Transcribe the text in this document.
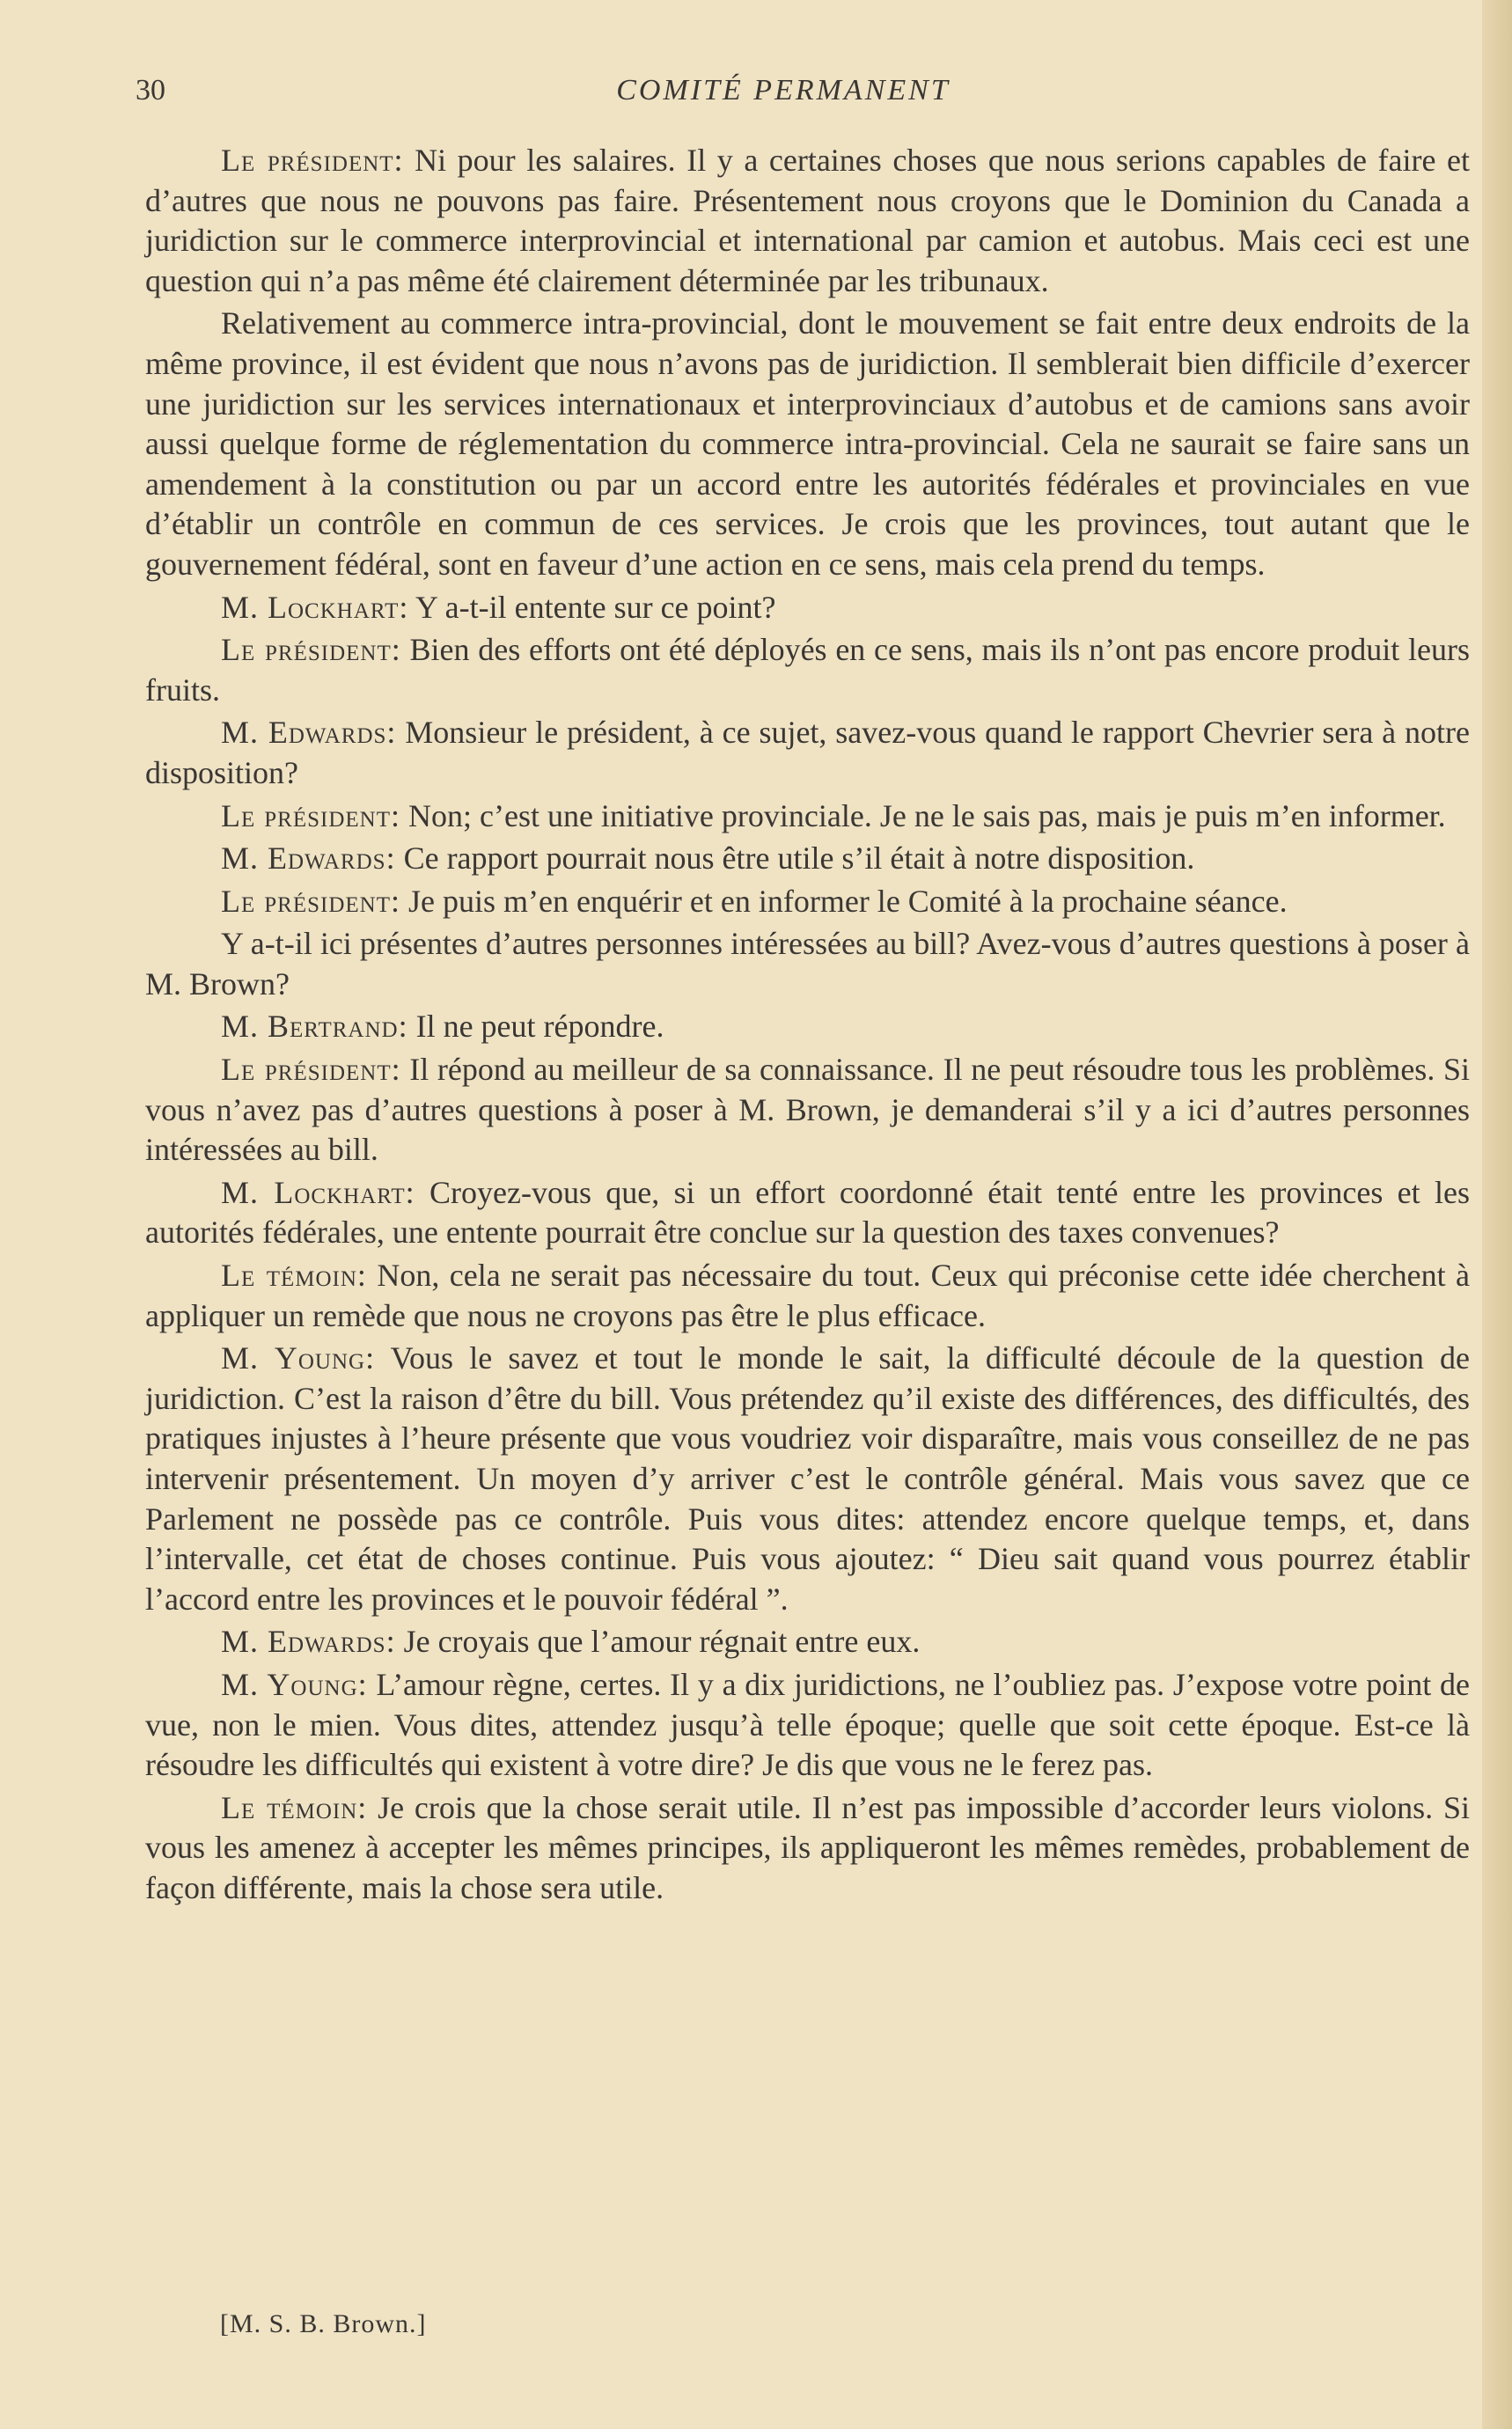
30	COMITÉ PERMANENT

Le président: Ni pour les salaires. Il y a certaines choses que nous serions capables de faire et d’autres que nous ne pouvons pas faire. Présentement nous croyons que le Dominion du Canada a juridiction sur le commerce interprovincial et international par camion et autobus. Mais ceci est une question qui n’a pas même été clairement déterminée par les tribunaux.

Relativement au commerce intra-provincial, dont le mouvement se fait entre deux endroits de la même province, il est évident que nous n’avons pas de juridiction. Il semblerait bien difficile d’exercer une juridiction sur les services internationaux et interprovinciaux d’autobus et de camions sans avoir aussi quelque forme de réglementation du commerce intra-provincial. Cela ne saurait se faire sans un amendement à la constitution ou par un accord entre les autorités fédérales et provinciales en vue d’établir un contrôle en commun de ces services. Je crois que les provinces, tout autant que le gouvernement fédéral, sont en faveur d’une action en ce sens, mais cela prend du temps.

M. Lockhart: Y a-t-il entente sur ce point?

Le président: Bien des efforts ont été déployés en ce sens, mais ils n’ont pas encore produit leurs fruits.

M. Edwards: Monsieur le président, à ce sujet, savez-vous quand le rapport Chevrier sera à notre disposition?

Le président: Non; c’est une initiative provinciale. Je ne le sais pas, mais je puis m’en informer.

M. Edwards: Ce rapport pourrait nous être utile s’il était à notre disposition.

Le président: Je puis m’en enquérir et en informer le Comité à la prochaine séance.

Y a-t-il ici présentes d’autres personnes intéressées au bill? Avez-vous d’autres questions à poser à M. Brown?

M. Bertrand: Il ne peut répondre.

Le président: Il répond au meilleur de sa connaissance. Il ne peut résoudre tous les problèmes. Si vous n’avez pas d’autres questions à poser à M. Brown, je demanderai s’il y a ici d’autres personnes intéressées au bill.

M. Lockhart: Croyez-vous que, si un effort coordonné était tenté entre les provinces et les autorités fédérales, une entente pourrait être conclue sur la question des taxes convenues?

Le témoin: Non, cela ne serait pas nécessaire du tout. Ceux qui préconise cette idée cherchent à appliquer un remède que nous ne croyons pas être le plus efficace.

M. Young: Vous le savez et tout le monde le sait, la difficulté découle de la question de juridiction. C’est la raison d’être du bill. Vous prétendez qu’il existe des différences, des difficultés, des pratiques injustes à l’heure présente que vous voudriez voir disparaître, mais vous conseillez de ne pas intervenir présentement. Un moyen d’y arriver c’est le contrôle général. Mais vous savez que ce Parlement ne possède pas ce contrôle. Puis vous dites: attendez encore quelque temps, et, dans l’intervalle, cet état de choses continue. Puis vous ajoutez: “ Dieu sait quand vous pourrez établir l’accord entre les provinces et le pouvoir fédéral ”.

M. Edwards: Je croyais que l’amour régnait entre eux.

M. Young: L’amour règne, certes. Il y a dix juridictions, ne l’oubliez pas. J’expose votre point de vue, non le mien. Vous dites, attendez jusqu’à telle époque; quelle que soit cette époque. Est-ce là résoudre les difficultés qui existent à votre dire? Je dis que vous ne le ferez pas.

Le témoin: Je crois que la chose serait utile. Il n’est pas impossible d’accorder leurs violons. Si vous les amenez à accepter les mêmes principes, ils appliqueront les mêmes remèdes, probablement de façon différente, mais la chose sera utile.

[M. S. B. Brown.]
